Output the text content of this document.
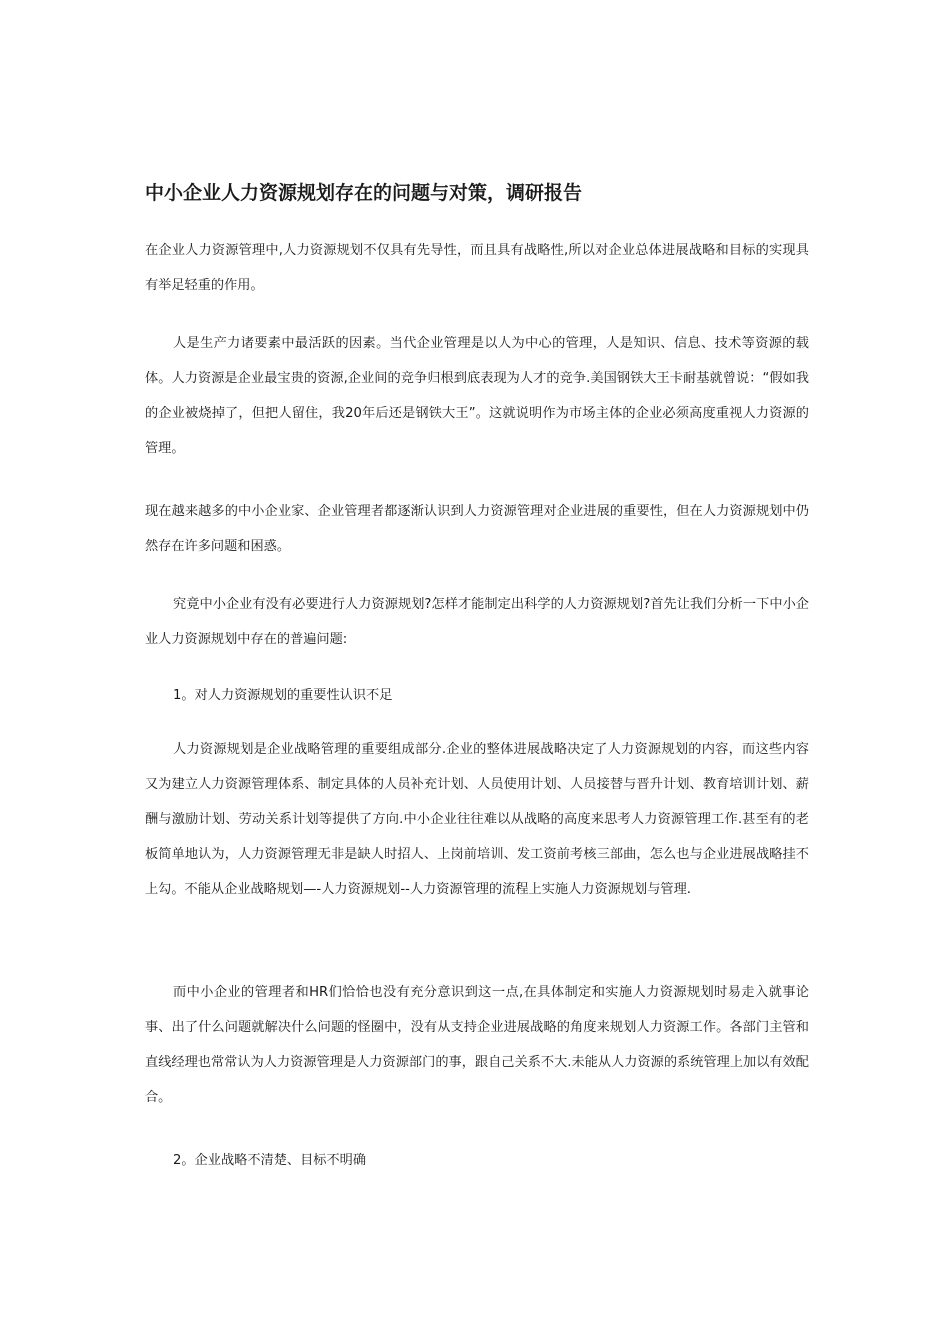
中小企业人力资源规划存在的问题与对策，调研报告

在企业人力资源管理中,人力资源规划不仅具有先导性，而且具有战略性,所以对企业总体进展战略和目标的实现具有举足轻重的作用。

人是生产力诸要素中最活跃的因素。当代企业管理是以人为中心的管理，人是知识、信息、技术等资源的载体。人力资源是企业最宝贵的资源,企业间的竞争归根到底表现为人才的竞争.美国钢铁大王卡耐基就曾说：“假如我的企业被烧掉了，但把人留住，我20年后还是钢铁大王”。这就说明作为市场主体的企业必须高度重视人力资源的管理。

现在越来越多的中小企业家、企业管理者都逐渐认识到人力资源管理对企业进展的重要性，但在人力资源规划中仍然存在许多问题和困惑。

究竟中小企业有没有必要进行人力资源规划?怎样才能制定出科学的人力资源规划?首先让我们分析一下中小企业人力资源规划中存在的普遍问题:

1。对人力资源规划的重要性认识不足

人力资源规划是企业战略管理的重要组成部分.企业的整体进展战略决定了人力资源规划的内容，而这些内容又为建立人力资源管理体系、制定具体的人员补充计划、人员使用计划、人员接替与晋升计划、教育培训计划、薪酬与激励计划、劳动关系计划等提供了方向.中小企业往往难以从战略的高度来思考人力资源管理工作.甚至有的老板简单地认为，人力资源管理无非是缺人时招人、上岗前培训、发工资前考核三部曲，怎么也与企业进展战略挂不上勾。不能从企业战略规划—-人力资源规划--人力资源管理的流程上实施人力资源规划与管理.

而中小企业的管理者和HR们恰恰也没有充分意识到这一点,在具体制定和实施人力资源规划时易走入就事论事、出了什么问题就解决什么问题的怪圈中，没有从支持企业进展战略的角度来规划人力资源工作。各部门主管和直线经理也常常认为人力资源管理是人力资源部门的事，跟自己关系不大.未能从人力资源的系统管理上加以有效配合。

2。企业战略不清楚、目标不明确
